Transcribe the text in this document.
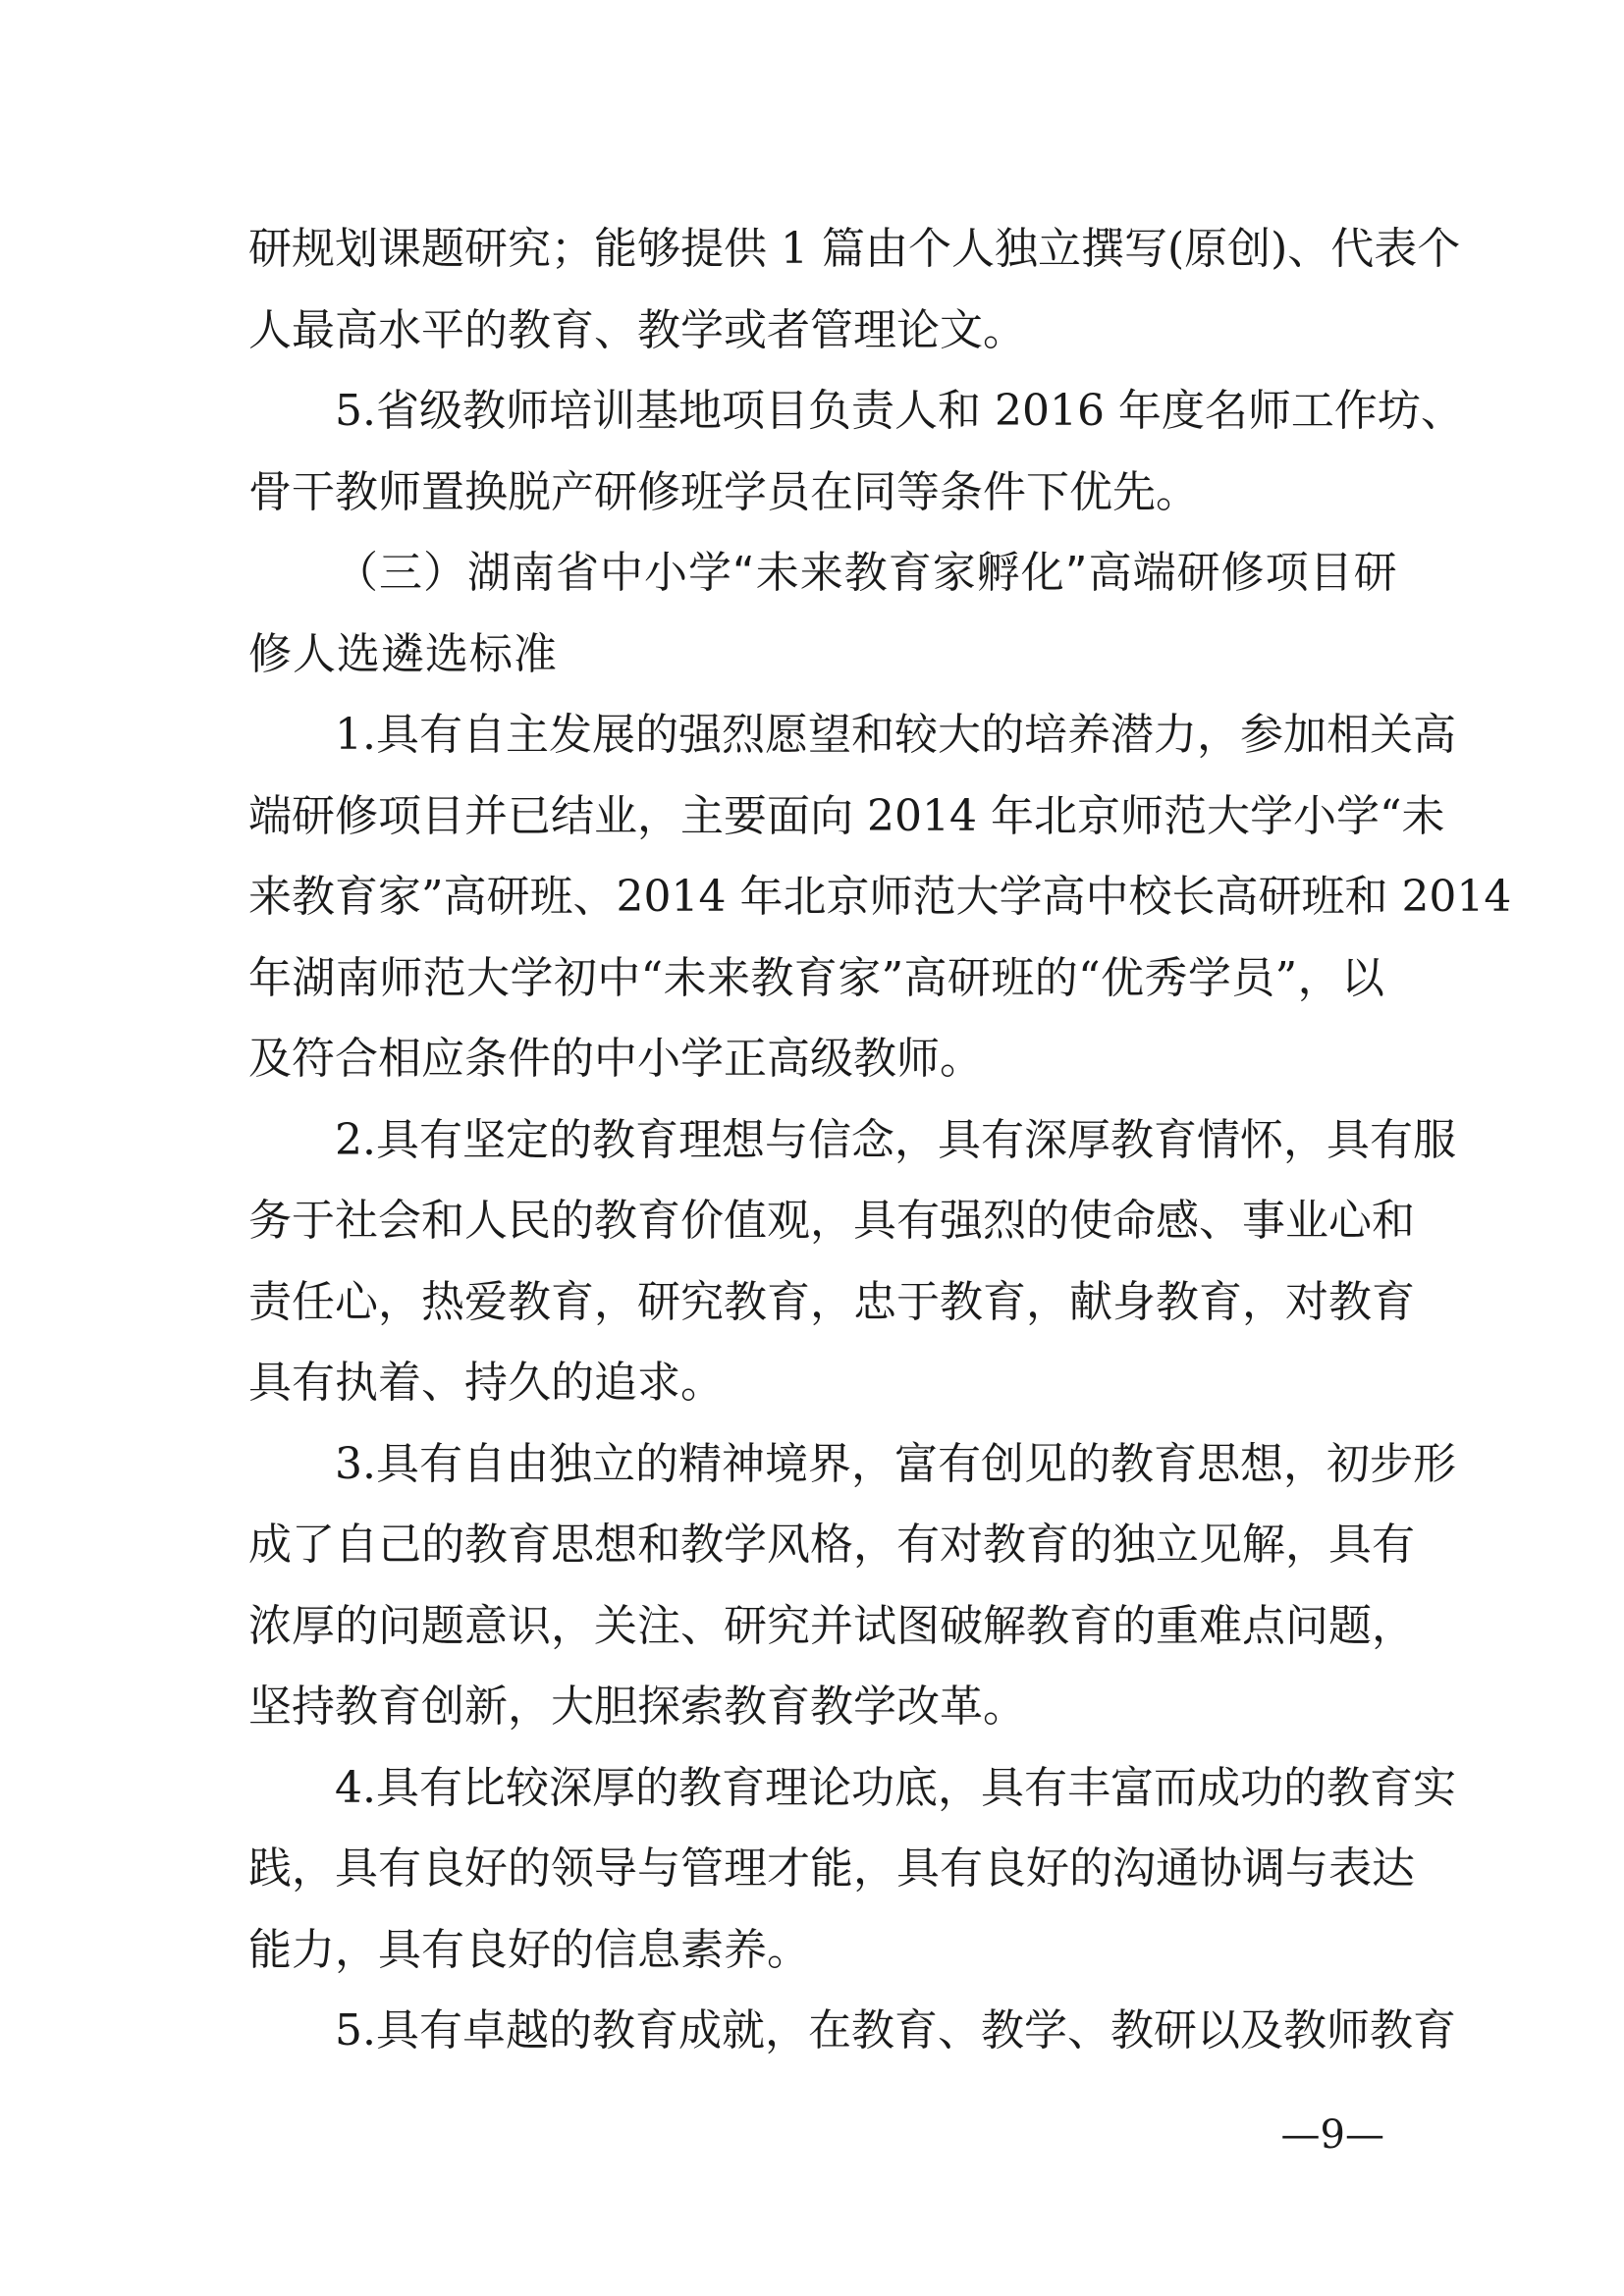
研规划课题研究；能够提供 1 篇由个人独立撰写(原创)、代表个
人最高水平的教育、教学或者管理论文。
5.省级教师培训基地项目负责人和 2016 年度名师工作坊、
骨干教师置换脱产研修班学员在同等条件下优先。
（三）湖南省中小学“未来教育家孵化”高端研修项目研
修人选遴选标准
1.具有自主发展的强烈愿望和较大的培养潜力，参加相关高
端研修项目并已结业，主要面向 2014 年北京师范大学小学“未
来教育家”高研班、2014 年北京师范大学高中校长高研班和 2014
年湖南师范大学初中“未来教育家”高研班的“优秀学员”，以
及符合相应条件的中小学正高级教师。
2.具有坚定的教育理想与信念，具有深厚教育情怀，具有服
务于社会和人民的教育价值观，具有强烈的使命感、事业心和
责任心，热爱教育，研究教育，忠于教育，献身教育，对教育
具有执着、持久的追求。
3.具有自由独立的精神境界，富有创见的教育思想，初步形
成了自己的教育思想和教学风格，有对教育的独立见解，具有
浓厚的问题意识，关注、研究并试图破解教育的重难点问题，
坚持教育创新，大胆探索教育教学改革。
4.具有比较深厚的教育理论功底，具有丰富而成功的教育实
践，具有良好的领导与管理才能，具有良好的沟通协调与表达
能力，具有良好的信息素养。
5.具有卓越的教育成就，在教育、教学、教研以及教师教育
—9—
